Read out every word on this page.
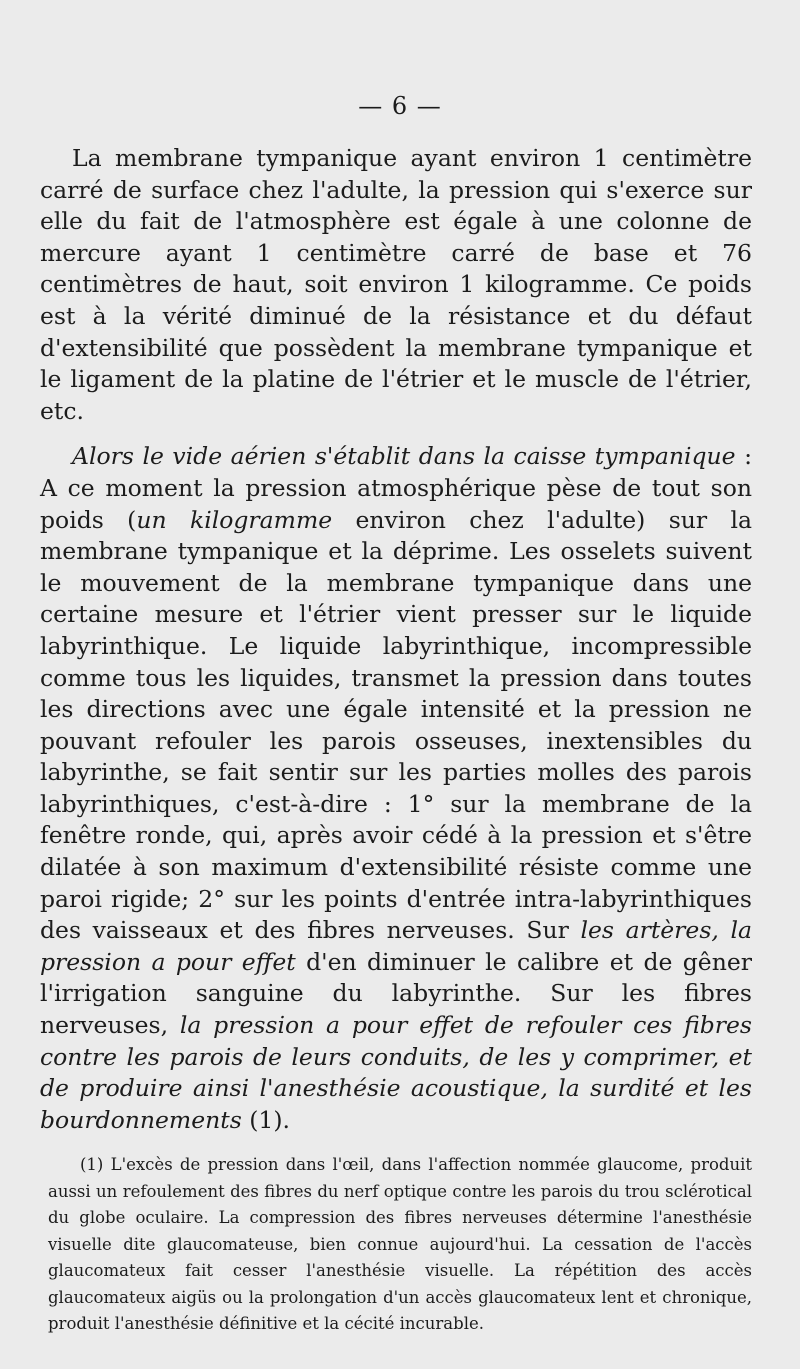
— 6 —

La membrane tympanique ayant environ 1 centimètre carré de surface chez l'adulte, la pression qui s'exerce sur elle du fait de l'atmosphère est égale à une colonne de mercure ayant 1 centimètre carré de base et 76 centimètres de haut, soit environ 1 kilogramme. Ce poids est à la vérité diminué de la résistance et du défaut d'extensibilité que possèdent la membrane tympanique et le ligament de la platine de l'étrier et le muscle de l'étrier, etc.

Alors le vide aérien s'établit dans la caisse tympanique : A ce moment la pression atmosphérique pèse de tout son poids (un kilogramme environ chez l'adulte) sur la membrane tympanique et la déprime. Les osselets suivent le mouvement de la membrane tympanique dans une certaine mesure et l'étrier vient presser sur le liquide labyrinthique. Le liquide labyrinthique, incompressible comme tous les liquides, transmet la pression dans toutes les directions avec une égale intensité et la pression ne pouvant refouler les parois osseuses, inextensibles du labyrinthe, se fait sentir sur les parties molles des parois labyrinthiques, c'est-à-dire : 1° sur la membrane de la fenêtre ronde, qui, après avoir cédé à la pression et s'être dilatée à son maximum d'extensibilité résiste comme une paroi rigide; 2° sur les points d'entrée intra-labyrinthiques des vaisseaux et des fibres nerveuses. Sur les artères, la pression a pour effet d'en diminuer le calibre et de gêner l'irrigation sanguine du labyrinthe. Sur les fibres nerveuses, la pression a pour effet de refouler ces fibres contre les parois de leurs conduits, de les y comprimer, et de produire ainsi l'anesthésie acoustique, la surdité et les bourdonnements (1).

(1) L'excès de pression dans l'œil, dans l'affection nommée glaucome, produit aussi un refoulement des fibres du nerf optique contre les parois du trou sclérotical du globe oculaire. La compression des fibres nerveuses détermine l'anesthésie visuelle dite glaucomateuse, bien connue aujourd'hui. La cessation de l'accès glaucomateux fait cesser l'anesthésie visuelle. La répétition des accès glaucomateux aigüs ou la prolongation d'un accès glaucomateux lent et chronique, produit l'anesthésie définitive et la cécité incurable.
